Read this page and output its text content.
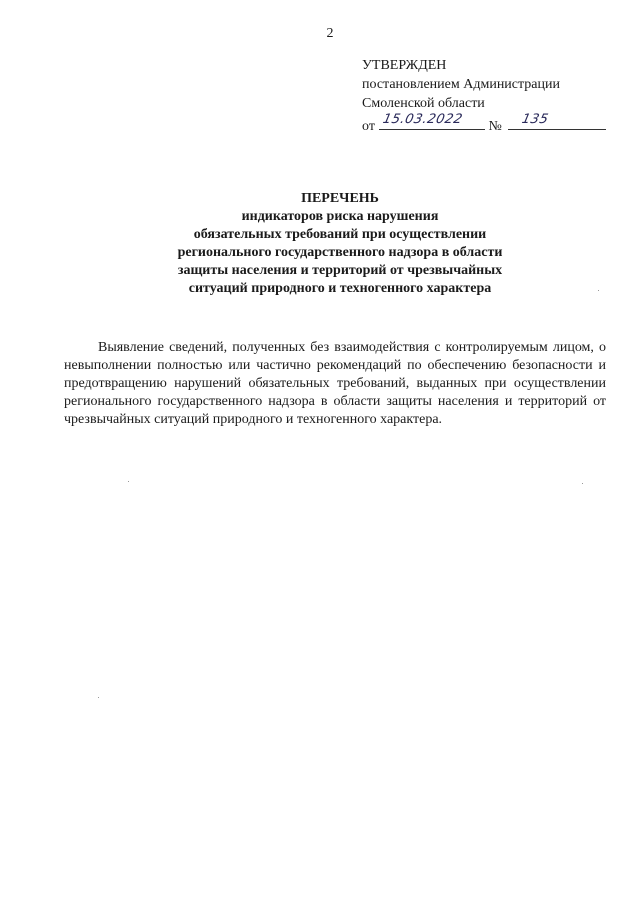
2
УТВЕРЖДЕН
постановлением Администрации
Смоленской области
от 15.03.2022 № 135
ПЕРЕЧЕНЬ
индикаторов риска нарушения
обязательных требований при осуществлении
регионального государственного надзора в области
защиты населения и территорий от чрезвычайных
ситуаций природного и техногенного характера

Выявление сведений, полученных без взаимодействия с контролируемым лицом, о невыполнении полностью или частично рекомендаций по обеспечению безопасности и предотвращению нарушений обязательных требований, выданных при осуществлении регионального государственного надзора в области защиты населения и территорий от чрезвычайных ситуаций природного и техногенного характера.
